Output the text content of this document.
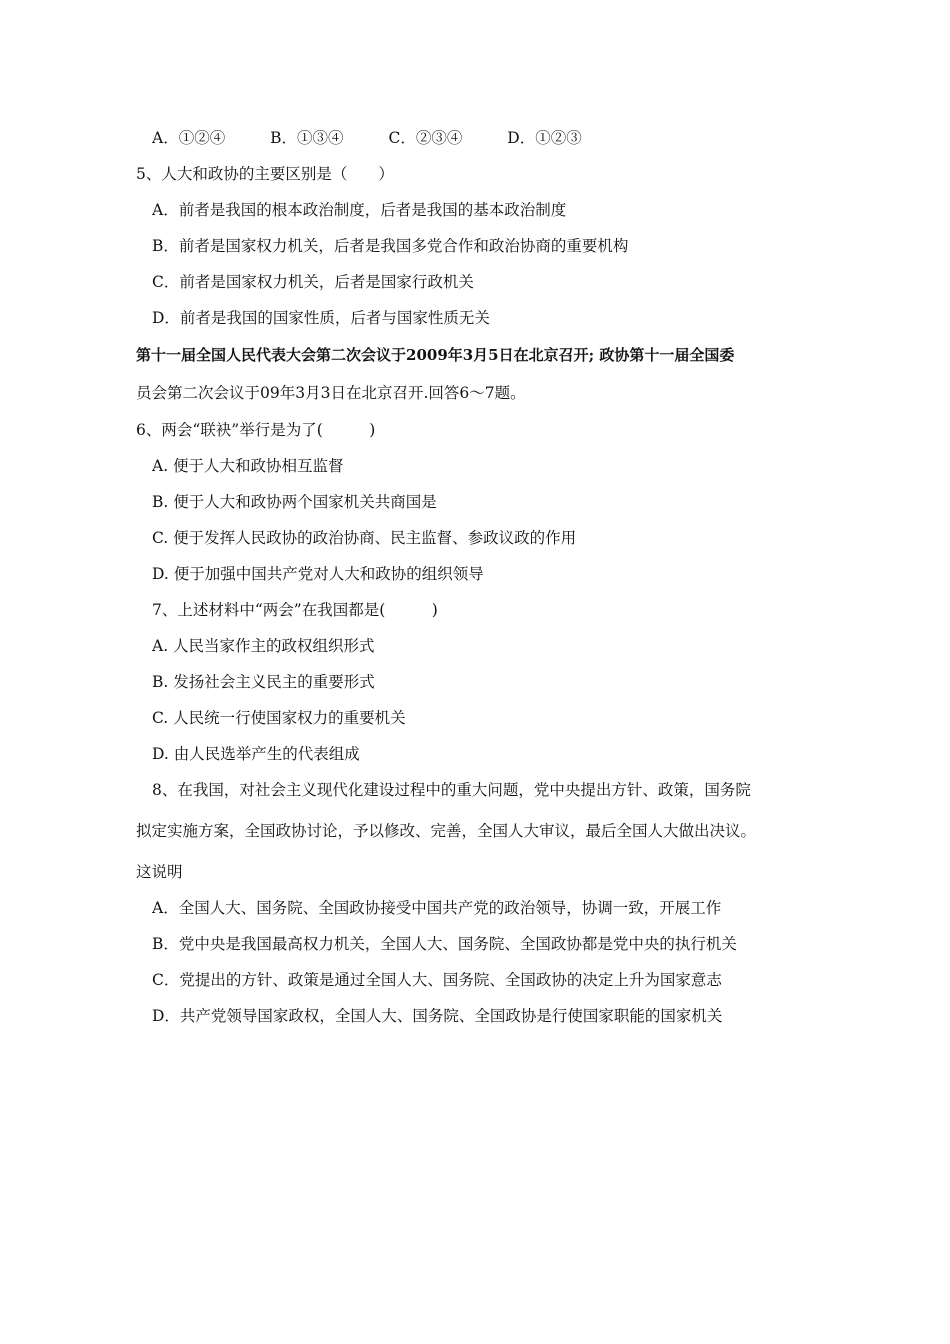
A．①②④	B．①③④	C．②③④	D．①②③
5、人大和政协的主要区别是（　　）
A．前者是我国的根本政治制度，后者是我国的基本政治制度
B．前者是国家权力机关，后者是我国多党合作和政治协商的重要机构
C．前者是国家权力机关，后者是国家行政机关
D．前者是我国的国家性质，后者与国家性质无关
第十一届全国人民代表大会第二次会议于2009年3月5日在北京召开; 政协第十一届全国委
员会第二次会议于09年3月3日在北京召开.回答6～7题。
6、两会“联袂”举行是为了(　　　)
A. 便于人大和政协相互监督
B. 便于人大和政协两个国家机关共商国是
C. 便于发挥人民政协的政治协商、民主监督、参政议政的作用
D. 便于加强中国共产党对人大和政协的组织领导
7、上述材料中“两会”在我国都是(　　　)
A. 人民当家作主的政权组织形式
B. 发扬社会主义民主的重要形式
C. 人民统一行使国家权力的重要机关
D. 由人民选举产生的代表组成
8、在我国，对社会主义现代化建设过程中的重大问题，党中央提出方针、政策，国务院
拟定实施方案，全国政协讨论，予以修改、完善，全国人大审议，最后全国人大做出决议。
这说明
A．全国人大、国务院、全国政协接受中国共产党的政治领导，协调一致，开展工作
B．党中央是我国最高权力机关，全国人大、国务院、全国政协都是党中央的执行机关
C．党提出的方针、政策是通过全国人大、国务院、全国政协的决定上升为国家意志
D．共产党领导国家政权，全国人大、国务院、全国政协是行使国家职能的国家机关
